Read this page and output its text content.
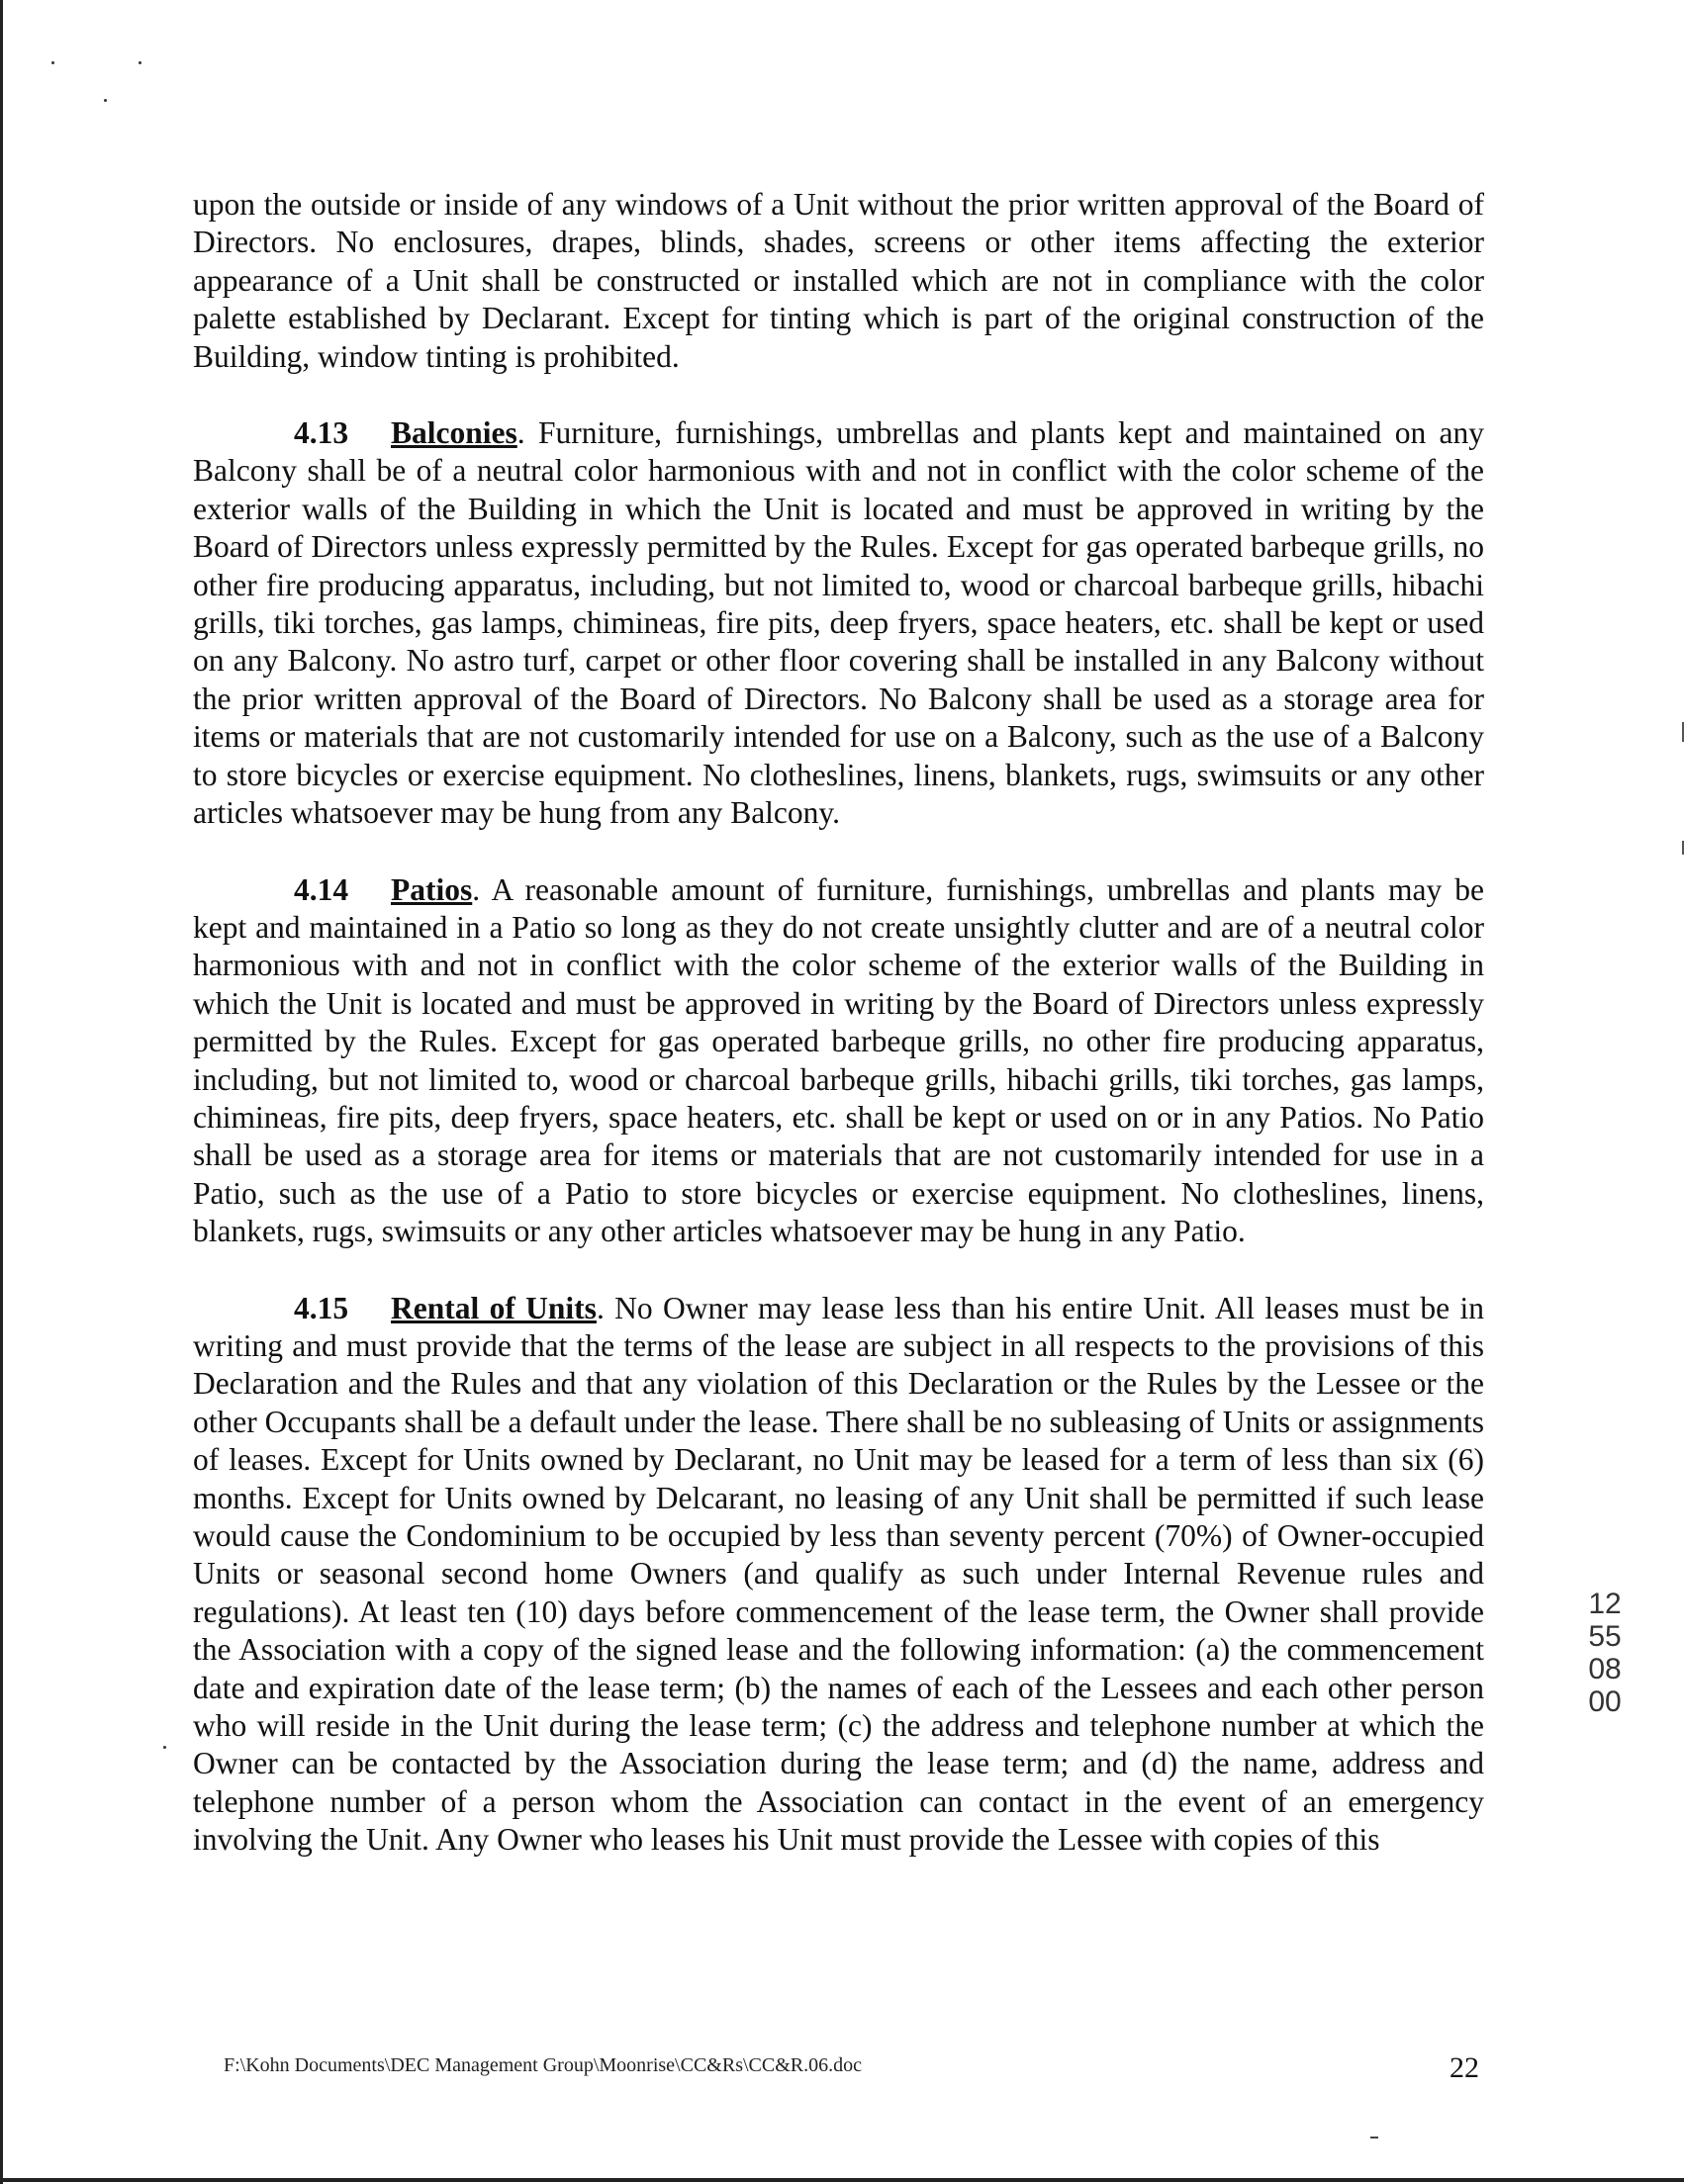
upon the outside or inside of any windows of a Unit without the prior written approval of the Board of Directors. No enclosures, drapes, blinds, shades, screens or other items affecting the exterior appearance of a Unit shall be constructed or installed which are not in compliance with the color palette established by Declarant. Except for tinting which is part of the original construction of the Building, window tinting is prohibited.

4.13 Balconies. Furniture, furnishings, umbrellas and plants kept and maintained on any Balcony shall be of a neutral color harmonious with and not in conflict with the color scheme of the exterior walls of the Building in which the Unit is located and must be approved in writing by the Board of Directors unless expressly permitted by the Rules. Except for gas operated barbeque grills, no other fire producing apparatus, including, but not limited to, wood or charcoal barbeque grills, hibachi grills, tiki torches, gas lamps, chimineas, fire pits, deep fryers, space heaters, etc. shall be kept or used on any Balcony. No astro turf, carpet or other floor covering shall be installed in any Balcony without the prior written approval of the Board of Directors. No Balcony shall be used as a storage area for items or materials that are not customarily intended for use on a Balcony, such as the use of a Balcony to store bicycles or exercise equipment. No clotheslines, linens, blankets, rugs, swimsuits or any other articles whatsoever may be hung from any Balcony.

4.14 Patios. A reasonable amount of furniture, furnishings, umbrellas and plants may be kept and maintained in a Patio so long as they do not create unsightly clutter and are of a neutral color harmonious with and not in conflict with the color scheme of the exterior walls of the Building in which the Unit is located and must be approved in writing by the Board of Directors unless expressly permitted by the Rules. Except for gas operated barbeque grills, no other fire producing apparatus, including, but not limited to, wood or charcoal barbeque grills, hibachi grills, tiki torches, gas lamps, chimineas, fire pits, deep fryers, space heaters, etc. shall be kept or used on or in any Patios. No Patio shall be used as a storage area for items or materials that are not customarily intended for use in a Patio, such as the use of a Patio to store bicycles or exercise equipment. No clotheslines, linens, blankets, rugs, swimsuits or any other articles whatsoever may be hung in any Patio.

4.15 Rental of Units. No Owner may lease less than his entire Unit. All leases must be in writing and must provide that the terms of the lease are subject in all respects to the provisions of this Declaration and the Rules and that any violation of this Declaration or the Rules by the Lessee or the other Occupants shall be a default under the lease. There shall be no subleasing of Units or assignments of leases. Except for Units owned by Declarant, no Unit may be leased for a term of less than six (6) months. Except for Units owned by Delcarant, no leasing of any Unit shall be permitted if such lease would cause the Condominium to be occupied by less than seventy percent (70%) of Owner-occupied Units or seasonal second home Owners (and qualify as such under Internal Revenue rules and regulations). At least ten (10) days before commencement of the lease term, the Owner shall provide the Association with a copy of the signed lease and the following information: (a) the commencement date and expiration date of the lease term; (b) the names of each of the Lessees and each other person who will reside in the Unit during the lease term; (c) the address and telephone number at which the Owner can be contacted by the Association during the lease term; and (d) the name, address and telephone number of a person whom the Association can contact in the event of an emergency involving the Unit. Any Owner who leases his Unit must provide the Lessee with copies of this

1255 0800
F:\Kohn Documents\DEC Management Group\Moonrise\CC&Rs\CC&R.06.doc	22
